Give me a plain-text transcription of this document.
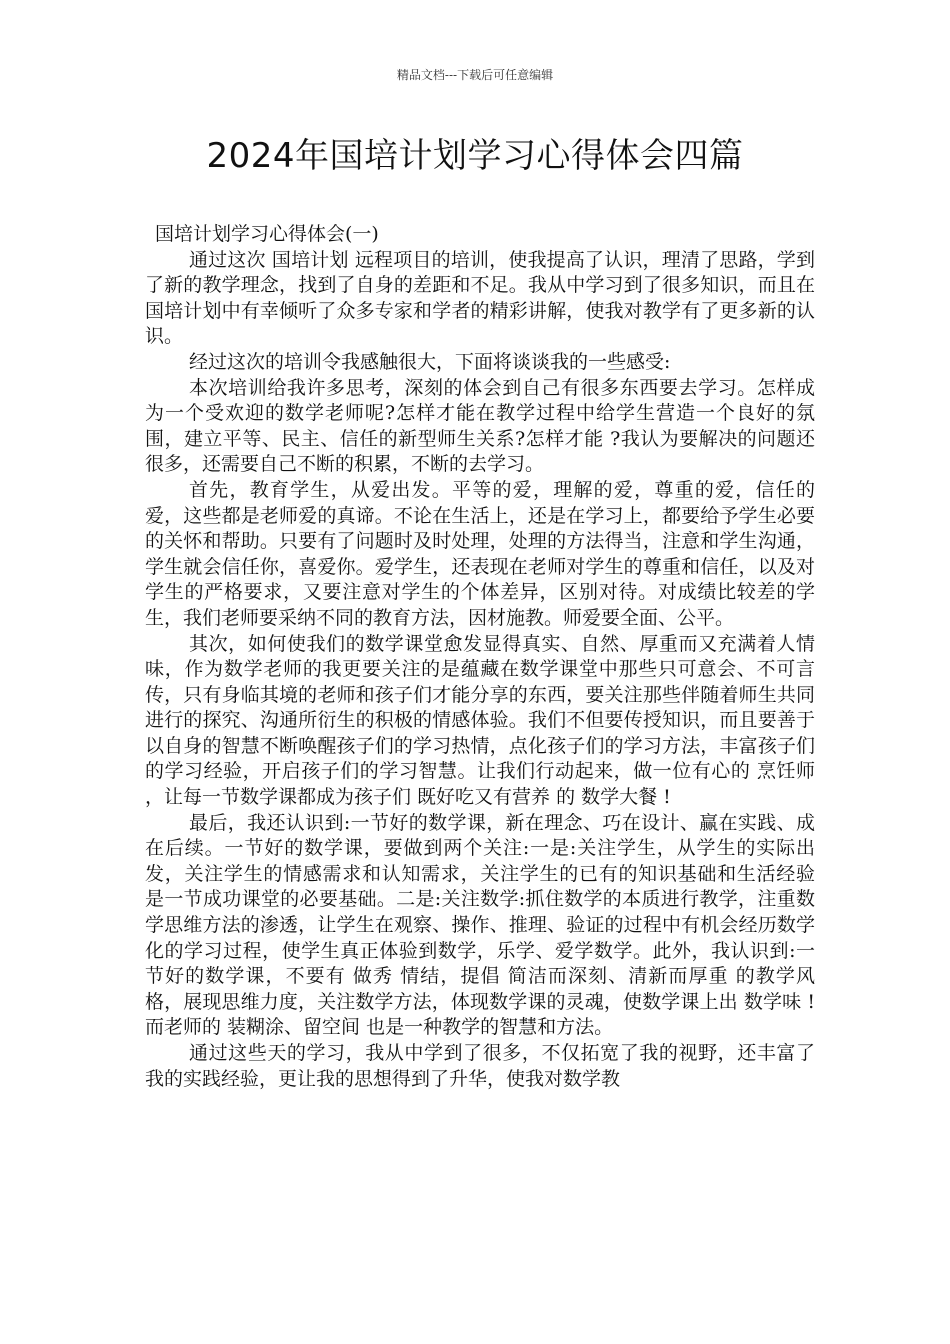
精品文档---下载后可任意编辑
2024年国培计划学习心得体会四篇

国培计划学习心得体会(一)

通过这次 国培计划 远程项目的培训，使我提高了认识，理清了思路，学到了新的教学理念，找到了自身的差距和不足。我从中学习到了很多知识，而且在国培计划中有幸倾听了众多专家和学者的精彩讲解，使我对教学有了更多新的认识。

经过这次的培训令我感触很大，下面将谈谈我的一些感受:

本次培训给我许多思考，深刻的体会到自己有很多东西要去学习。怎样成为一个受欢迎的数学老师呢?怎样才能在教学过程中给学生营造一个良好的氛围，建立平等、民主、信任的新型师生关系?怎样才能 ?我认为要解决的问题还很多，还需要自己不断的积累，不断的去学习。

首先，教育学生，从爱出发。平等的爱，理解的爱，尊重的爱，信任的爱，这些都是老师爱的真谛。不论在生活上，还是在学习上，都要给予学生必要的关怀和帮助。只要有了问题时及时处理，处理的方法得当，注意和学生沟通，学生就会信任你，喜爱你。爱学生，还表现在老师对学生的尊重和信任，以及对学生的严格要求，又要注意对学生的个体差异，区别对待。对成绩比较差的学生，我们老师要采纳不同的教育方法，因材施教。师爱要全面、公平。

其次，如何使我们的数学课堂愈发显得真实、自然、厚重而又充满着人情味，作为数学老师的我更要关注的是蕴藏在数学课堂中那些只可意会、不可言传，只有身临其境的老师和孩子们才能分享的东西，要关注那些伴随着师生共同进行的探究、沟通所衍生的积极的情感体验。我们不但要传授知识，而且要善于以自身的智慧不断唤醒孩子们的学习热情，点化孩子们的学习方法，丰富孩子们的学习经验，开启孩子们的学习智慧。让我们行动起来，做一位有心的 烹饪师 ，让每一节数学课都成为孩子们 既好吃又有营养 的 数学大餐 !

最后，我还认识到:一节好的数学课，新在理念、巧在设计、赢在实践、成在后续。一节好的数学课，要做到两个关注:一是:关注学生，从学生的实际出发，关注学生的情感需求和认知需求，关注学生的已有的知识基础和生活经验 是一节成功课堂的必要基础。二是:关注数学:抓住数学的本质进行教学，注重数学思维方法的渗透，让学生在观察、操作、推理、验证的过程中有机会经历数学化的学习过程，使学生真正体验到数学，乐学、爱学数学。此外，我认识到:一节好的数学课，不要有 做秀 情结，提倡 简洁而深刻、清新而厚重 的教学风格，展现思维力度，关注数学方法，体现数学课的灵魂，使数学课上出 数学味 !而老师的 装糊涂、留空间 也是一种教学的智慧和方法。

通过这些天的学习，我从中学到了很多，不仅拓宽了我的视野，还丰富了我的实践经验，更让我的思想得到了升华，使我对数学教
